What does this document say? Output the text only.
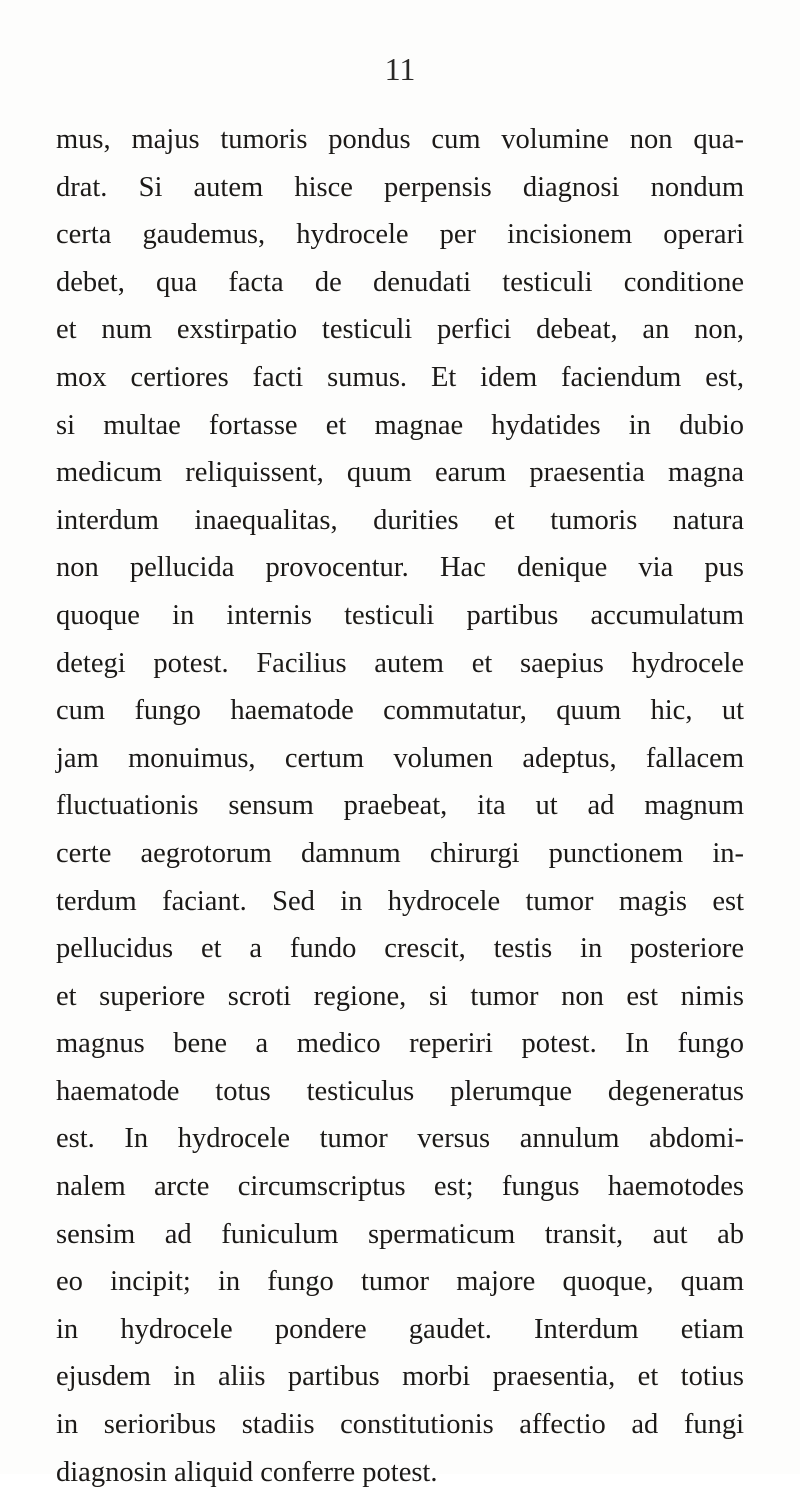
11
mus, majus tumoris pondus cum volumine non qua-
drat. Si autem hisce perpensis diagnosi nondum
certa gaudemus, hydrocele per incisionem operari
debet, qua facta de denudati testiculi conditione
et num exstirpatio testiculi perfici debeat, an non,
mox certiores facti sumus. Et idem faciendum est,
si multae fortasse et magnae hydatides in dubio
medicum reliquissent, quum earum praesentia magna
interdum inaequalitas, durities et tumoris natura
non pellucida provocentur. Hac denique via pus
quoque in internis testiculi partibus accumulatum
detegi potest. Facilius autem et saepius hydrocele
cum fungo haematode commutatur, quum hic, ut
jam monuimus, certum volumen adeptus, fallacem
fluctuationis sensum praebeat, ita ut ad magnum
certe aegrotorum damnum chirurgi punctionem in-
terdum faciant. Sed in hydrocele tumor magis est
pellucidus et a fundo crescit, testis in posteriore
et superiore scroti regione, si tumor non est nimis
magnus bene a medico reperiri potest. In fungo
haematode totus testiculus plerumque degeneratus
est. In hydrocele tumor versus annulum abdomi-
nalem arcte circumscriptus est; fungus haemotodes
sensim ad funiculum spermaticum transit, aut ab
eo incipit; in fungo tumor majore quoque, quam
in hydrocele pondere gaudet. Interdum etiam
ejusdem in aliis partibus morbi praesentia, et totius
in serioribus stadiis constitutionis affectio ad fungi
diagnosin aliquid conferre potest.
